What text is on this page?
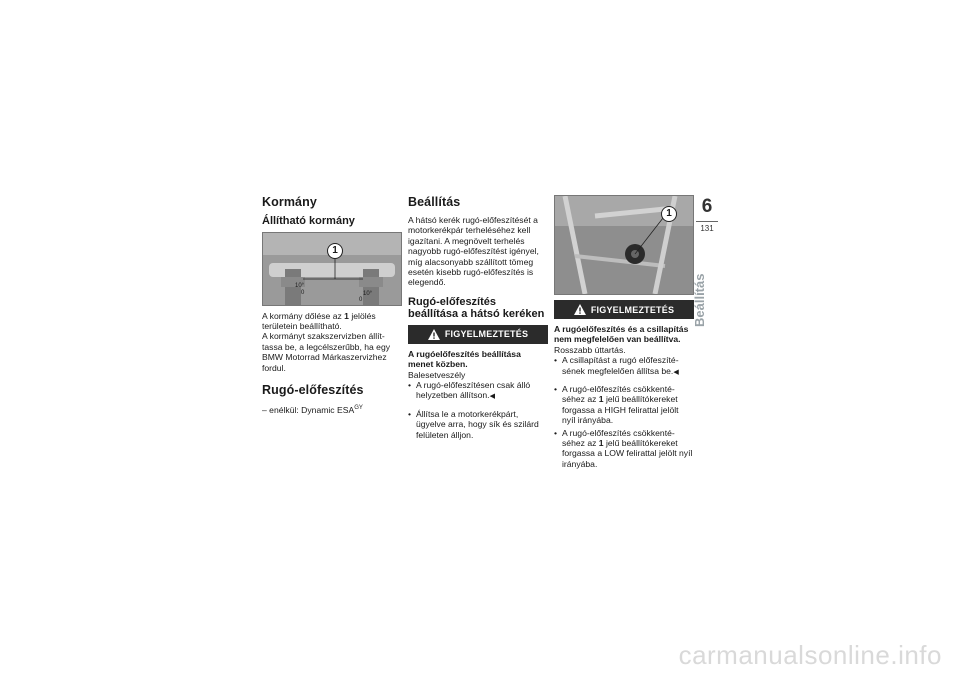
Kormány
Állítható kormány
1
10°
0	10°
0

A kormány dőlése az 1 jelölés területein beállítható.

A kormányt szakszervizben állíttassa be, a legcélszerűbb, ha egy BMW Motorrad Márkaszervizhez fordul.

Rugó-előfeszítés

– enélkül: Dynamic $ESA^{GY}$

Beállítás

A hátsó kerék rugó-előfeszítését a motorkerékpár terheléséhez kell igazítani. A megnövelt terhelés nagyobb rugó-előfeszítést igényel, míg alacsonyabb szállított tömeg esetén kisebb rugó-előfeszítés is elegendő.

Rugó-előfeszítés beállítása a hátsó keréken
FIGYELMEZTETÉS

A rugóelőfeszítés beállítása menet közben.

Balesetveszély

• A rugó-előfeszítésen csak álló helyzetben állítson.◀
• Állítsa le a motorkerékpárt, ügyelve arra, hogy sík és szilárd felületen álljon.
1
FIGYELMEZTETÉS

A rugóelőfeszítés és a csillapítás nem megfelelően van beállítva.

Rosszabb úttartás.

• A csillapítást a rugó előfeszítésének megfelelően állítsa be.◀
• A rugó-előfeszítés csökkentéséhez az 1 jelű beállítókereket forgassa a HIGH felirattal jelölt nyíl irányába.
• A rugó-előfeszítés csökkentéséhez az 1 jelű beállítókereket forgassa a LOW felirattal jelölt nyíl irányába.
6
131
Beállítás
carmanualsonline.info
